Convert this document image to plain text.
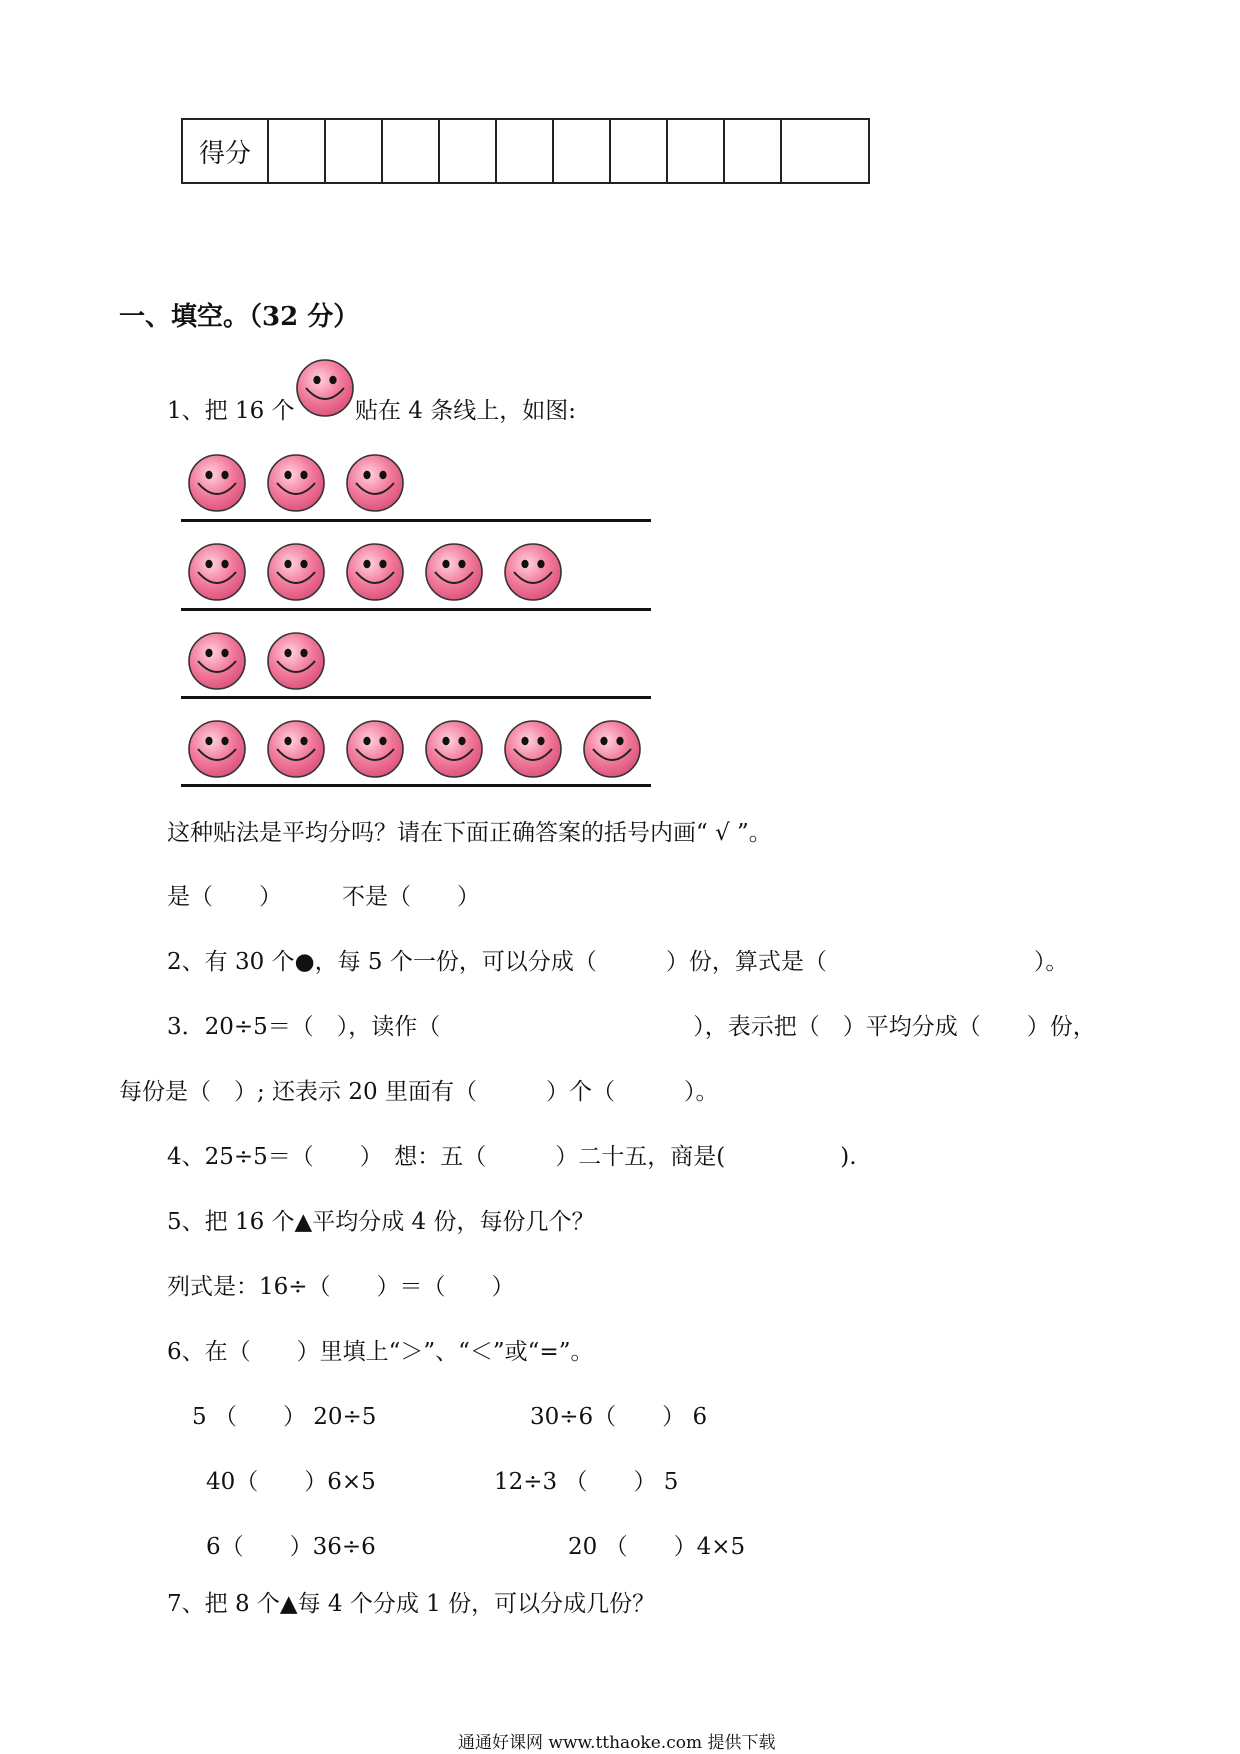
得分										
一、填空。（32 分）
1、把 16 个	贴在 4 条线上，如图:
这种贴法是平均分吗？请在下面正确答案的括号内画“ √ ”。
是（　　）	不是（　　）
2、有 30 个●，每 5 个一份，可以分成（　　　）份，算式是（　　　　　　　　　）。
3．20÷5＝（　），读作（　　　　　　　　　　　），表示把（　）平均分成（　　）份，
每份是（　）; 还表示 20 里面有（　　　）个（　　　）。
4、25÷5＝（　　）　想：五（　　　）二十五，商是(　　　　　).
5、把 16 个▲平均分成 4 份，每份几个？
列式是：16÷（　　）＝（　　）
6、在（　　）里填上“＞”、“＜”或“=”。
5 （　　） 20÷5	30÷6（　　） 6
40（　　）6×5	12÷3 （　　） 5
6（　　）36÷6	20 （　　）4×5
7、把 8 个▲每 4 个分成 1 份，可以分成几份？
通通好课网 www.tthaoke.com 提供下载
